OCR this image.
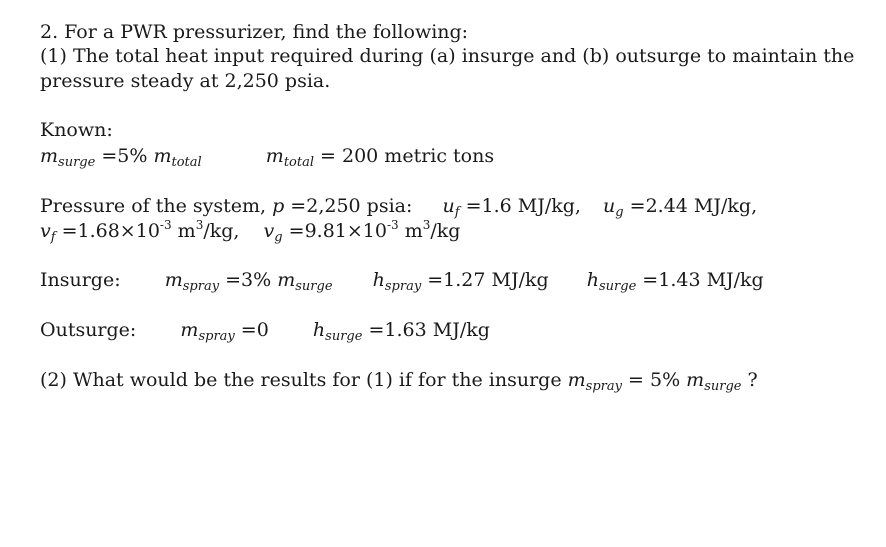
2. For a PWR pressurizer, find the following:
(1) The total heat input required during (a) insurge and (b) outsurge to maintain the
pressure steady at 2,250 psia.
Known:
$m_{surge} =5\%$ $m_{total}$	$m_{total} = 200$ metric tons
Pressure of the system, p =2,250 psia: $u_f =1.6$ MJ/kg, $u_g =2.44$ MJ/kg,
$v_f =1.68\times 10^{-3}$ $m^3/kg$, $v_g =9.81\times 10^{-3}$ $m^3/kg$
Insurge: $m_{spray} =3\%$ $m_{surge}$ $h_{spray} =1.27$ MJ/kg $h_{surge} =1.43$ MJ/kg
Outsurge: $m_{spray} =0$ $h_{surge} =1.63$ MJ/kg
(2) What would be the results for (1) if for the insurge $m_{spray} = 5\%$ $m_{surge}$ ?
